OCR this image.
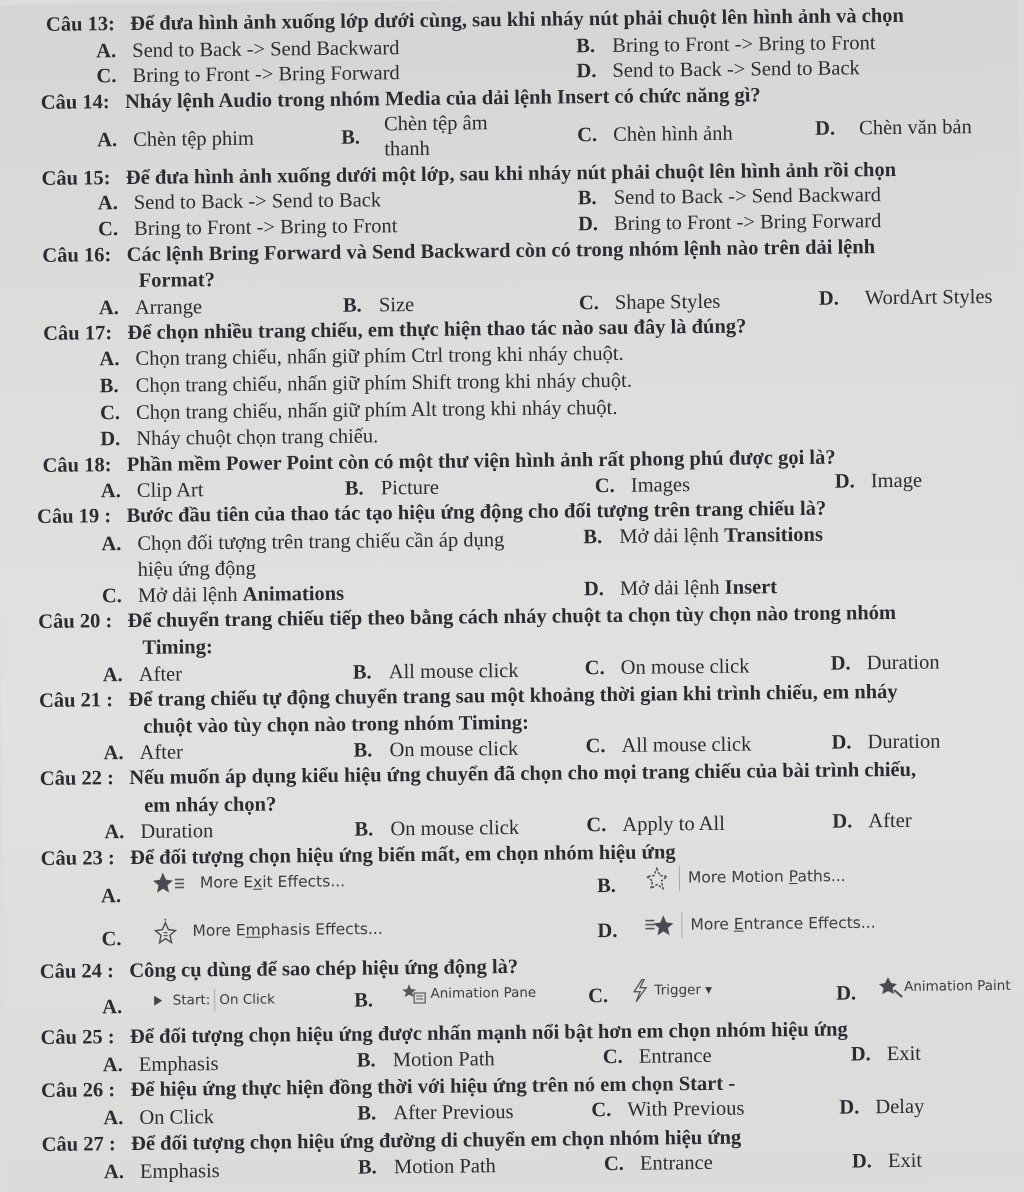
Câu 13: Để đưa hình ảnh xuống lớp dưới cùng, sau khi nháy nút phải chuột lên hình ảnh và chọn
A. Send to Back -> Send Backward	B. Bring to Front -> Bring to Front
C. Bring to Front -> Bring Forward	D. Send to Back -> Send to Back
Câu 14: Nháy lệnh Audio trong nhóm Media của dải lệnh Insert có chức năng gì?
A. Chèn tệp phim	B.
Chèn tệp âm
thanh
C. Chèn hình ảnh	D. Chèn văn bản
Câu 15: Để đưa hình ảnh xuống dưới một lớp, sau khi nháy nút phải chuột lên hình ảnh rồi chọn
A. Send to Back -> Send to Back	B. Send to Back -> Send Backward
C. Bring to Front -> Bring to Front	D. Bring to Front -> Bring Forward
Câu 16: Các lệnh Bring Forward và Send Backward còn có trong nhóm lệnh nào trên dải lệnh
Format?
A. Arrange	B. Size	C. Shape Styles	D. WordArt Styles
Câu 17: Để chọn nhiều trang chiếu, em thực hiện thao tác nào sau đây là đúng?
A. Chọn trang chiếu, nhấn giữ phím Ctrl trong khi nháy chuột.
B. Chọn trang chiếu, nhấn giữ phím Shift trong khi nháy chuột.
C. Chọn trang chiếu, nhấn giữ phím Alt trong khi nháy chuột.
D. Nháy chuột chọn trang chiếu.
Câu 18: Phần mềm Power Point còn có một thư viện hình ảnh rất phong phú được gọi là?
A. Clip Art	B. Picture	C. Images	D. Image
Câu 19 : Bước đầu tiên của thao tác tạo hiệu ứng động cho đối tượng trên trang chiếu là?
A. Chọn đối tượng trên trang chiếu cần áp dụng
hiệu ứng động
B. Mở dải lệnh Transitions
C. Mở dải lệnh Animations	D. Mở dải lệnh Insert
Câu 20 : Để chuyển trang chiếu tiếp theo bằng cách nháy chuột ta chọn tùy chọn nào trong nhóm
Timing:
A. After	B. All mouse click	C. On mouse click	D. Duration
Câu 21 : Để trang chiếu tự động chuyển trang sau một khoảng thời gian khi trình chiếu, em nháy
chuột vào tùy chọn nào trong nhóm Timing:
A. After	B. On mouse click	C. All mouse click	D. Duration
Câu 22 : Nếu muốn áp dụng kiểu hiệu ứng chuyển đã chọn cho mọi trang chiếu của bài trình chiếu,
em nháy chọn?
A. Duration	B. On mouse click	C. Apply to All	D. After
Câu 23 : Để đối tượng chọn hiệu ứng biến mất, em chọn nhóm hiệu ứng
A.
More Exit Effects...	B.	More Motion Paths...
C.	More Emphasis Effects...	D.	More Entrance Effects...
Câu 24 : Công cụ dùng để sao chép hiệu ứng động là?
A.	Start: On Click	B.	Animation Pane	C.	Trigger ▾	D.	Animation Paint
Câu 25 : Để đối tượng chọn hiệu ứng được nhấn mạnh nổi bật hơn em chọn nhóm hiệu ứng
A. Emphasis	B. Motion Path	C. Entrance	D. Exit
Câu 26 : Để hiệu ứng thực hiện đồng thời với hiệu ứng trên nó em chọn Start -
A. On Click	B. After Previous	C. With Previous	D. Delay
Câu 27 : Để đối tượng chọn hiệu ứng đường di chuyển em chọn nhóm hiệu ứng
A. Emphasis	B. Motion Path	C. Entrance	D. Exit
